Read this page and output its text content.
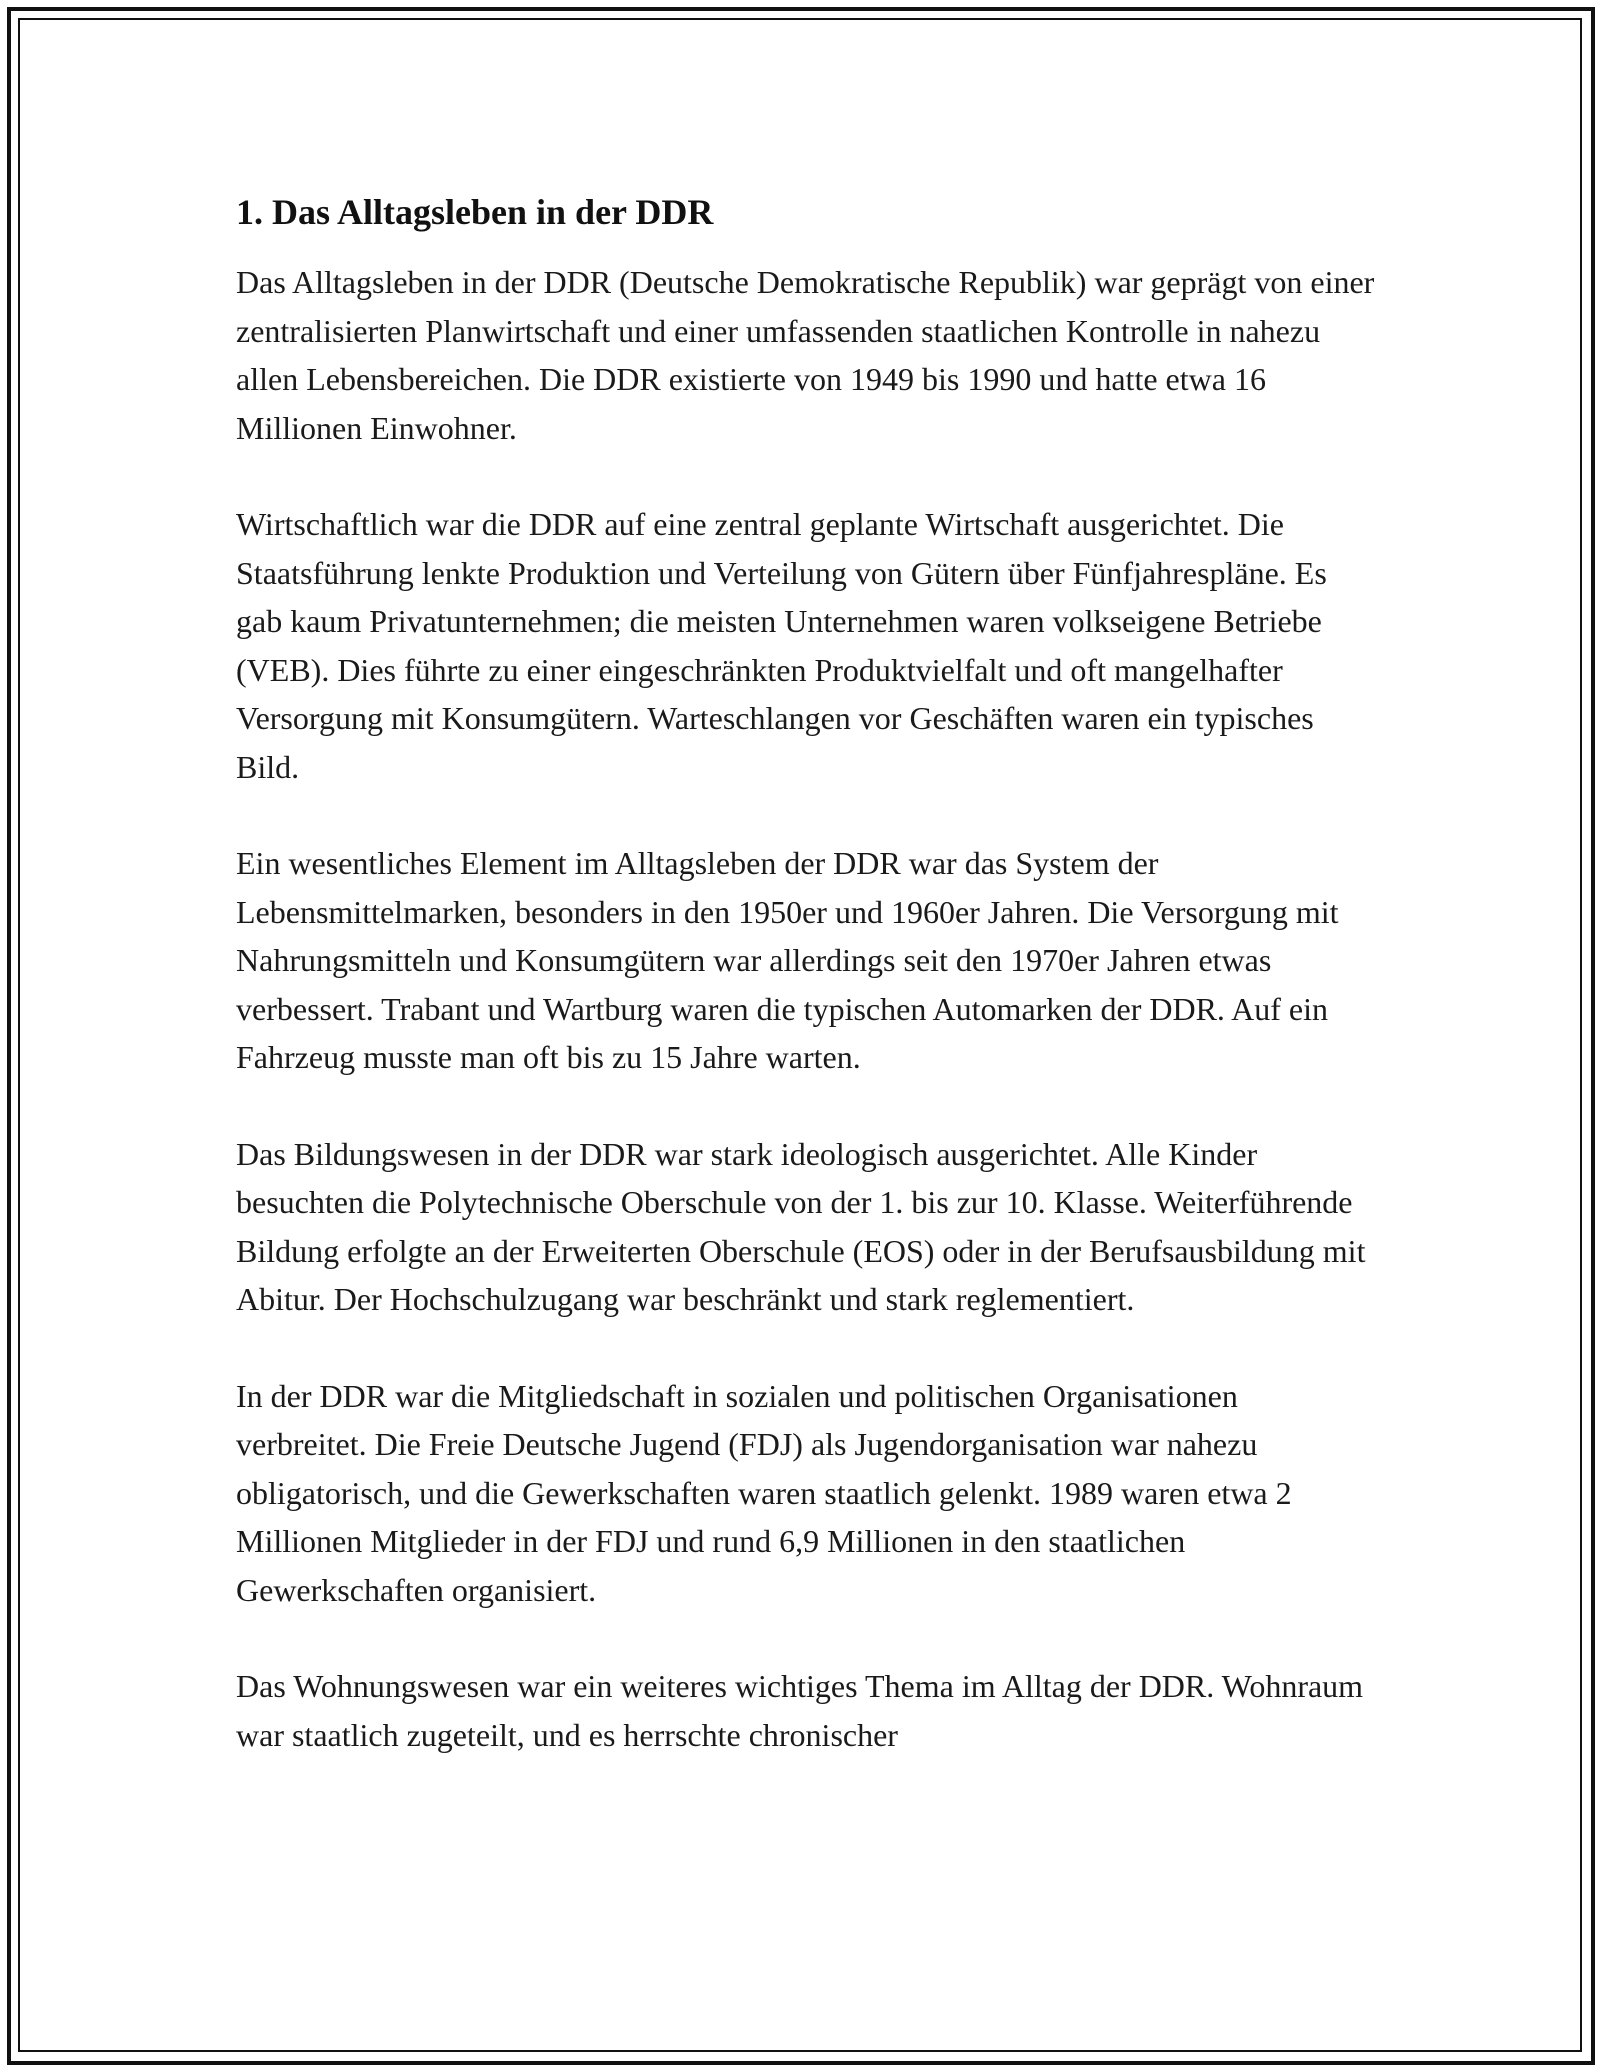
1. Das Alltagsleben in der DDR

Das Alltagsleben in der DDR (Deutsche Demokratische Republik) war geprägt von einer zentralisierten Planwirtschaft und einer umfassenden staatlichen Kontrolle in nahezu allen Lebensbereichen. Die DDR existierte von 1949 bis 1990 und hatte etwa 16 Millionen Einwohner.

Wirtschaftlich war die DDR auf eine zentral geplante Wirtschaft ausgerichtet. Die Staatsführung lenkte Produktion und Verteilung von Gütern über Fünfjahrespläne. Es gab kaum Privatunternehmen; die meisten Unternehmen waren volkseigene Betriebe (VEB). Dies führte zu einer eingeschränkten Produktvielfalt und oft mangelhafter Versorgung mit Konsumgütern. Warteschlangen vor Geschäften waren ein typisches Bild.

Ein wesentliches Element im Alltagsleben der DDR war das System der Lebensmittelmarken, besonders in den 1950er und 1960er Jahren. Die Versorgung mit Nahrungsmitteln und Konsumgütern war allerdings seit den 1970er Jahren etwas verbessert. Trabant und Wartburg waren die typischen Automarken der DDR. Auf ein Fahrzeug musste man oft bis zu 15 Jahre warten.

Das Bildungswesen in der DDR war stark ideologisch ausgerichtet. Alle Kinder besuchten die Polytechnische Oberschule von der 1. bis zur 10. Klasse. Weiterführende Bildung erfolgte an der Erweiterten Oberschule (EOS) oder in der Berufsausbildung mit Abitur. Der Hochschulzugang war beschränkt und stark reglementiert.

In der DDR war die Mitgliedschaft in sozialen und politischen Organisationen verbreitet. Die Freie Deutsche Jugend (FDJ) als Jugendorganisation war nahezu obligatorisch, und die Gewerkschaften waren staatlich gelenkt. 1989 waren etwa 2 Millionen Mitglieder in der FDJ und rund 6,9 Millionen in den staatlichen Gewerkschaften organisiert.

Das Wohnungswesen war ein weiteres wichtiges Thema im Alltag der DDR. Wohnraum war staatlich zugeteilt, und es herrschte chronischer
